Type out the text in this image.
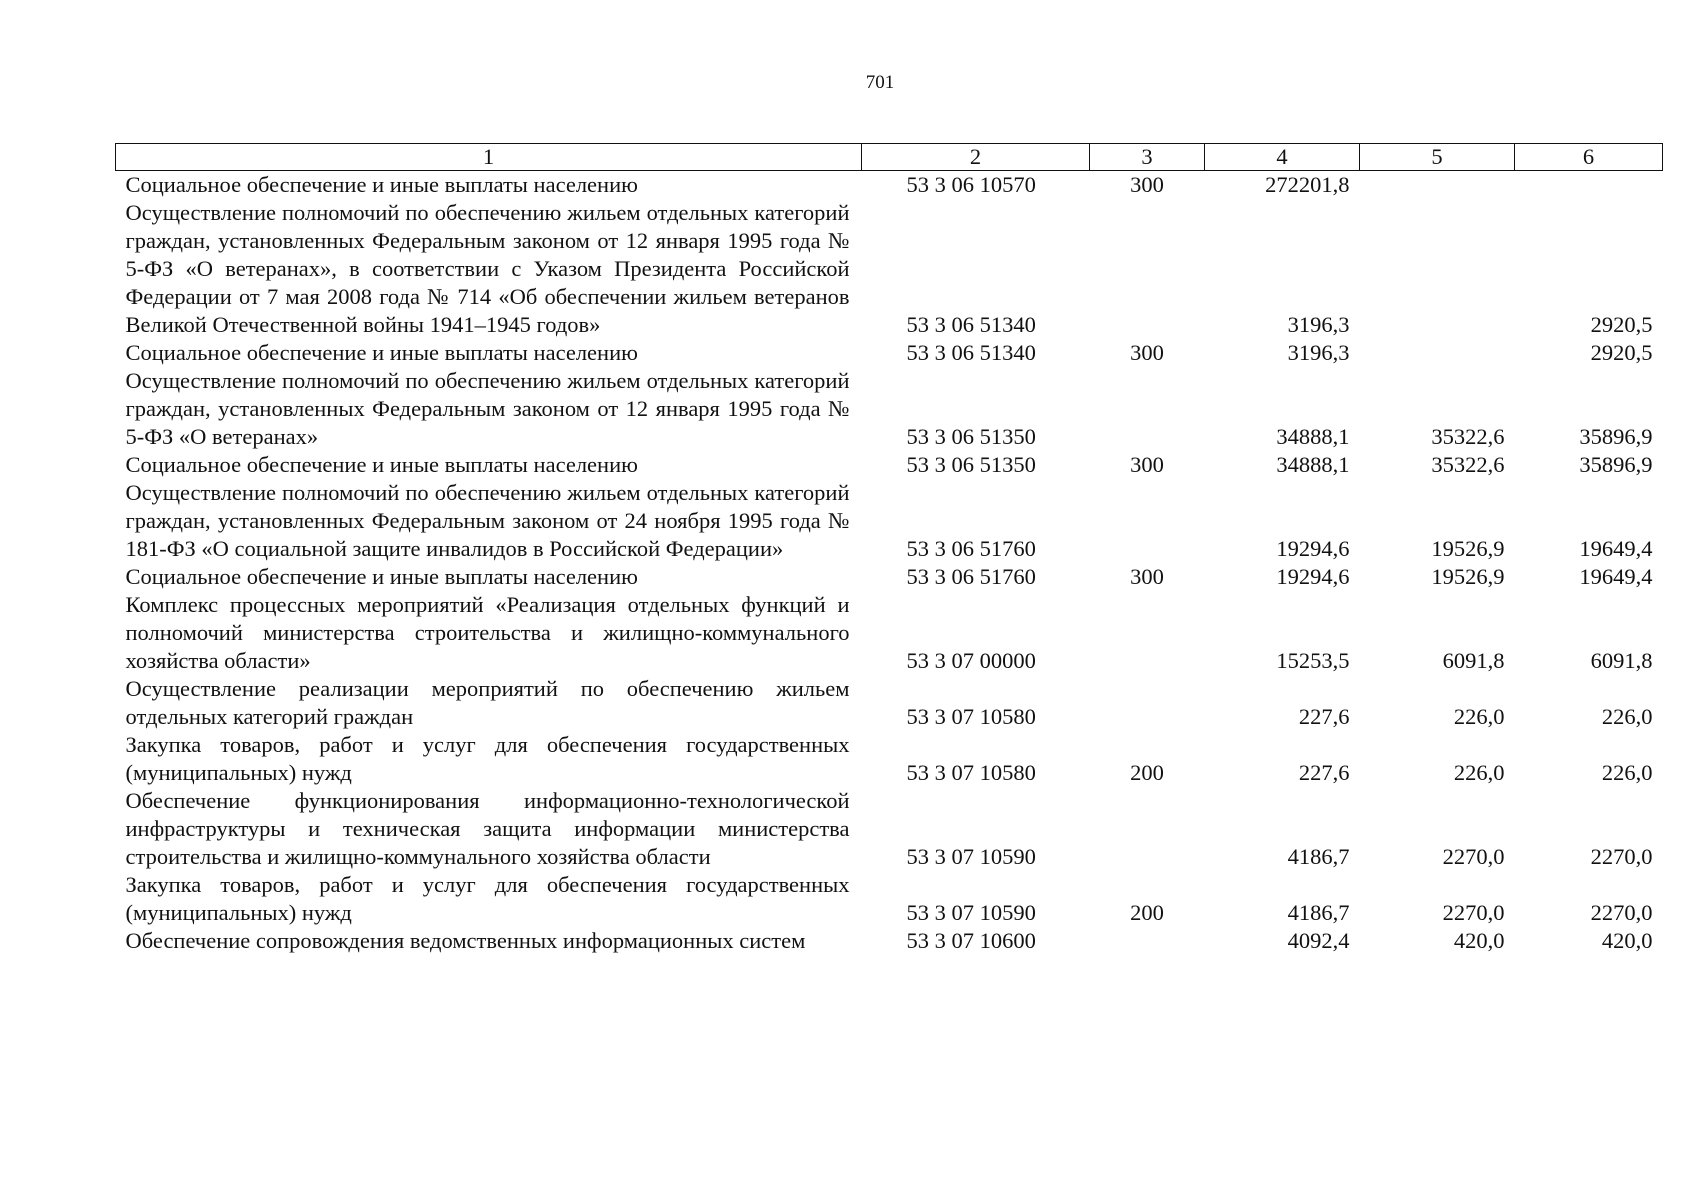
701
1	2	3	4	5	6
Социальное обеспечение и иные выплаты населению	53 3 06 10570	300	272201,8		
Осуществление полномочий по обеспечению жильем отдельных категорий граждан, установленных Федеральным законом от 12 января 1995 года № 5-ФЗ «О ветеранах», в соответствии с Указом Президента Российской Федерации от 7 мая 2008 года № 714 «Об обеспечении жильем ветеранов Великой Отечественной войны 1941–1945 годов»	53 3 06 51340		3196,3		2920,5
Социальное обеспечение и иные выплаты населению	53 3 06 51340	300	3196,3		2920,5
Осуществление полномочий по обеспечению жильем отдельных категорий граждан, установленных Федеральным законом от 12 января 1995 года № 5-ФЗ «О ветеранах»	53 3 06 51350		34888,1	35322,6	35896,9
Социальное обеспечение и иные выплаты населению	53 3 06 51350	300	34888,1	35322,6	35896,9
Осуществление полномочий по обеспечению жильем отдельных категорий граждан, установленных Федеральным законом от 24 ноября 1995 года № 181-ФЗ «О социальной защите инвалидов в Российской Федерации»	53 3 06 51760		19294,6	19526,9	19649,4
Социальное обеспечение и иные выплаты населению	53 3 06 51760	300	19294,6	19526,9	19649,4
Комплекс процессных мероприятий «Реализация отдельных функций и полномочий министерства строительства и жилищно-коммунального хозяйства области»	53 3 07 00000		15253,5	6091,8	6091,8
Осуществление реализации мероприятий по обеспечению жильем отдельных категорий граждан	53 3 07 10580		227,6	226,0	226,0
Закупка товаров, работ и услуг для обеспечения государственных (муниципальных) нужд	53 3 07 10580	200	227,6	226,0	226,0
Обеспечение функционирования информационно-технологической инфраструктуры и техническая защита информации министерства строительства и жилищно-коммунального хозяйства области	53 3 07 10590		4186,7	2270,0	2270,0
Закупка товаров, работ и услуг для обеспечения государственных (муниципальных) нужд	53 3 07 10590	200	4186,7	2270,0	2270,0
Обеспечение сопровождения ведомственных информационных систем	53 3 07 10600		4092,4	420,0	420,0
